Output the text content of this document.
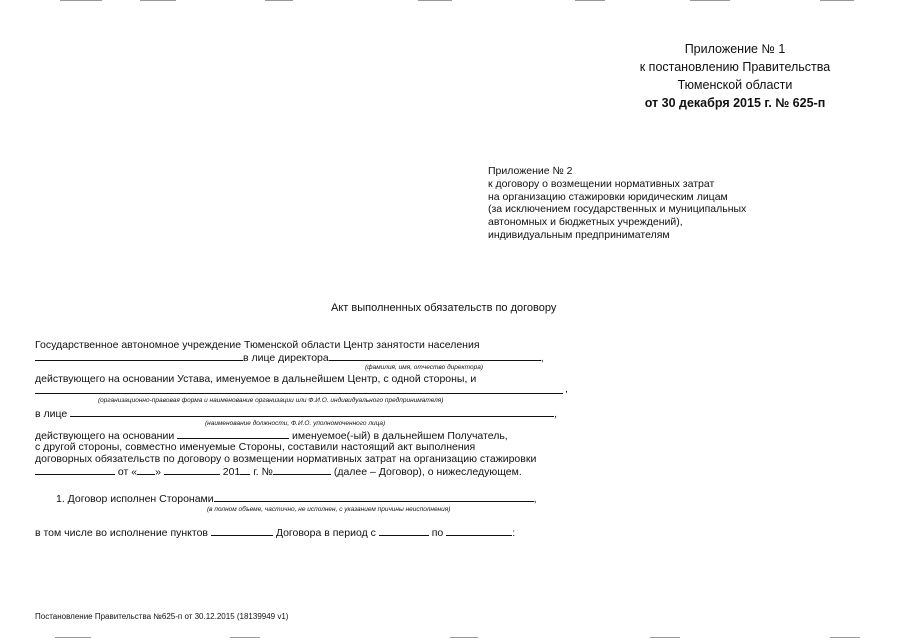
Приложение № 1
к постановлению Правительства
Тюменской области
от 30 декабря 2015 г. № 625-п
Приложение № 2
к договору о возмещении нормативных затрат
на организацию стажировки юридическим лицам
(за исключением государственных и муниципальных
автономных и бюджетных учреждений),
индивидуальным предпринимателям
Акт выполненных обязательств по договору
Государственное автономное учреждение Тюменской области Центр занятости населения
в лице директора	,
(фамилия, имя, отчество директора)
действующего на основании Устава, именуемое в дальнейшем Центр, с одной стороны, и
,
(организационно-правовая форма и наименование организации или Ф.И.О. индивидуального предпринимателя)
в лице	,
(наименование должности, Ф.И.О. уполномоченного лица)
действующего на основании	именуемое(-ый) в дальнейшем Получатель,
с другой стороны, совместно именуемые Стороны, составили настоящий акт выполнения
договорных обязательств по договору о возмещении нормативных затрат на организацию стажировки
от « »	201 г. №	(далее – Договор), о нижеследующем.
1. Договор исполнен Сторонами	,
(в полном объеме, частично, не исполнен, с указанием причины неисполнения)
в том числе во исполнение пунктов	Договора в период с	по	:
Постановление Правительства №625-п от 30.12.2015 (18139949 v1)
